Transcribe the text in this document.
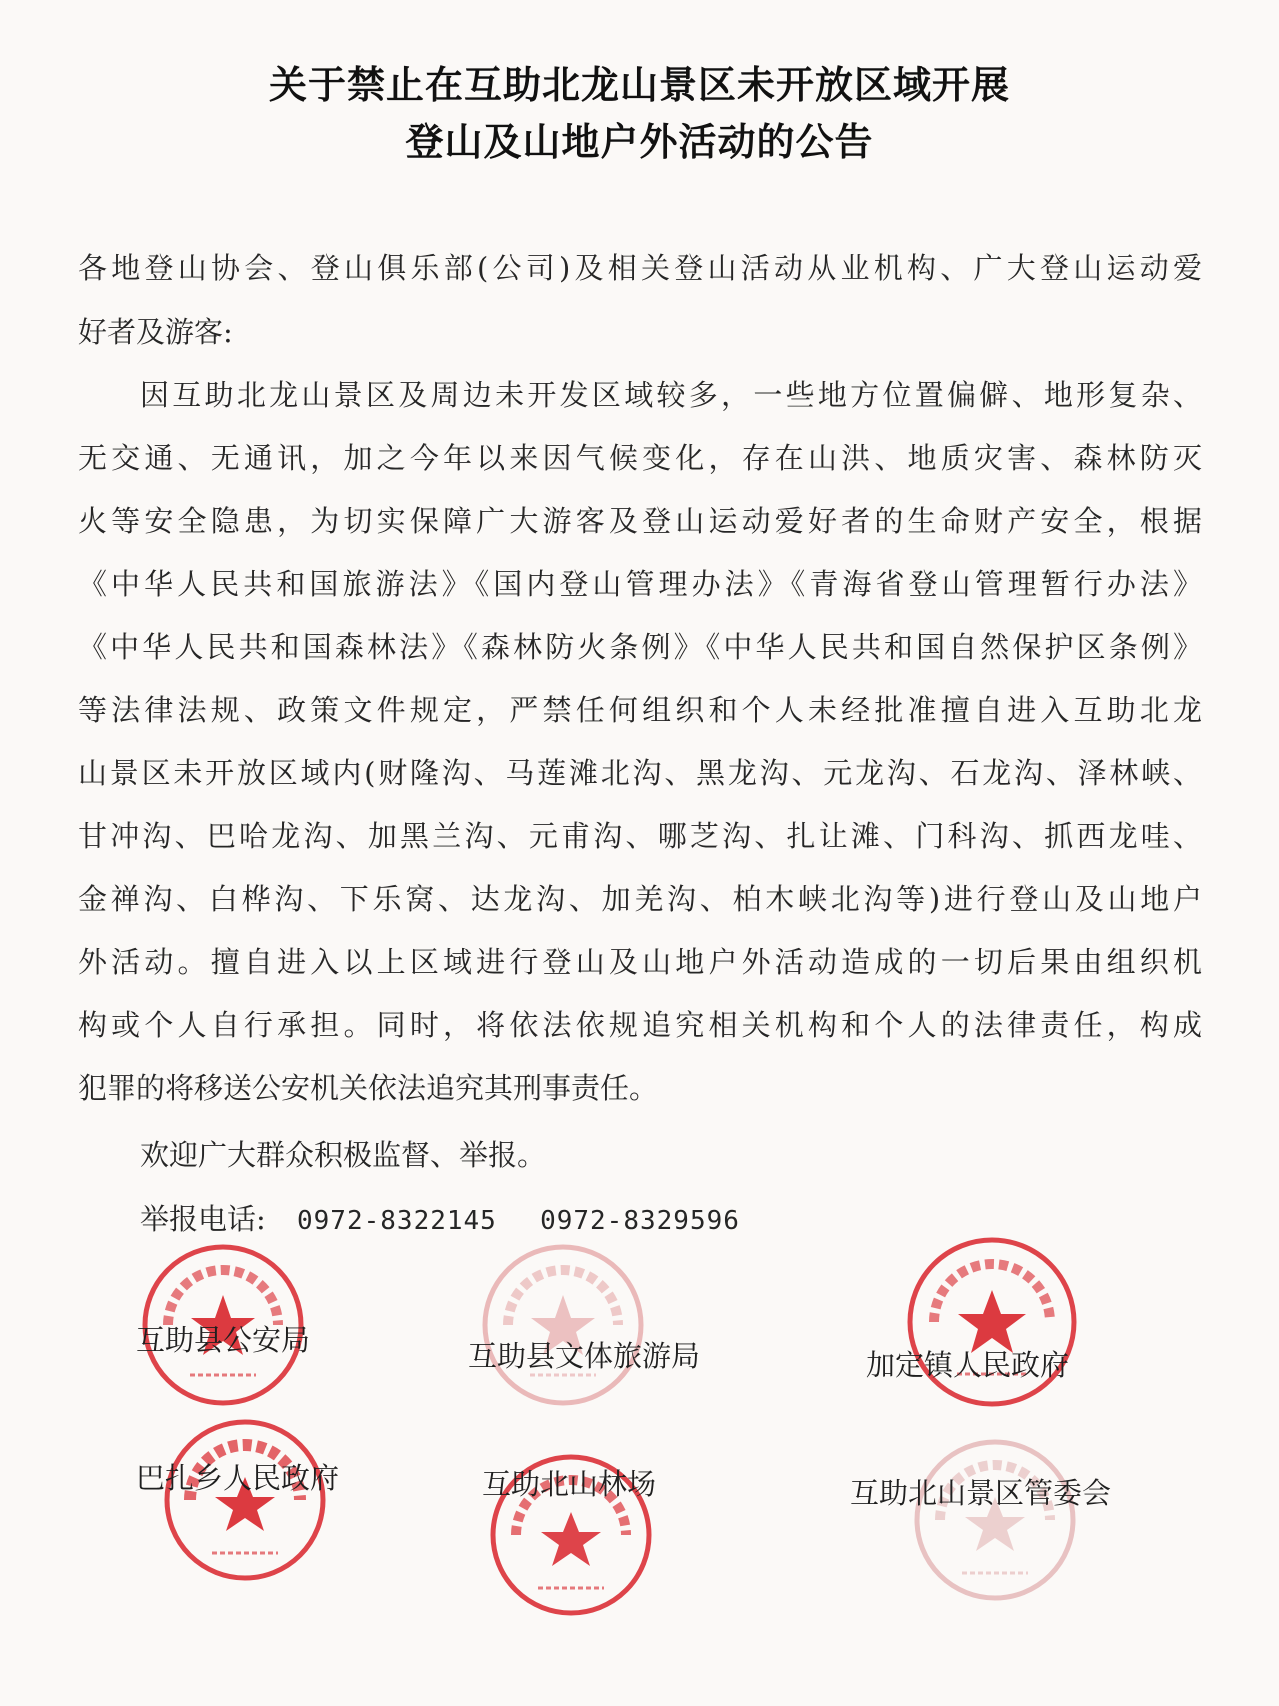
关于禁止在互助北龙山景区未开放区域开展
登山及山地户外活动的公告
各地登山协会、登山俱乐部(公司)及相关登山活动从业机构、广大登山运动爱
好者及游客:
因互助北龙山景区及周边未开发区域较多，一些地方位置偏僻、地形复杂、
无交通、无通讯，加之今年以来因气候变化，存在山洪、地质灾害、森林防灭
火等安全隐患，为切实保障广大游客及登山运动爱好者的生命财产安全，根据
《中华人民共和国旅游法》《国内登山管理办法》《青海省登山管理暂行办法》
《中华人民共和国森林法》《森林防火条例》《中华人民共和国自然保护区条例》
等法律法规、政策文件规定，严禁任何组织和个人未经批准擅自进入互助北龙
山景区未开放区域内(财隆沟、马莲滩北沟、黑龙沟、元龙沟、石龙沟、泽林峡、
甘冲沟、巴哈龙沟、加黑兰沟、元甫沟、哪芝沟、扎让滩、门科沟、抓西龙哇、
金禅沟、白桦沟、下乐窝、达龙沟、加羌沟、柏木峡北沟等)进行登山及山地户
外活动。擅自进入以上区域进行登山及山地户外活动造成的一切后果由组织机
构或个人自行承担。同时，将依法依规追究相关机构和个人的法律责任，构成
犯罪的将移送公安机关依法追究其刑事责任。
欢迎广大群众积极监督、举报。
举报电话: 0972-8322145 0972-8329596
互助县公安局	互助县文体旅游局	加定镇人民政府
巴扎乡人民政府	互助北山林场	互助北山景区管委会
